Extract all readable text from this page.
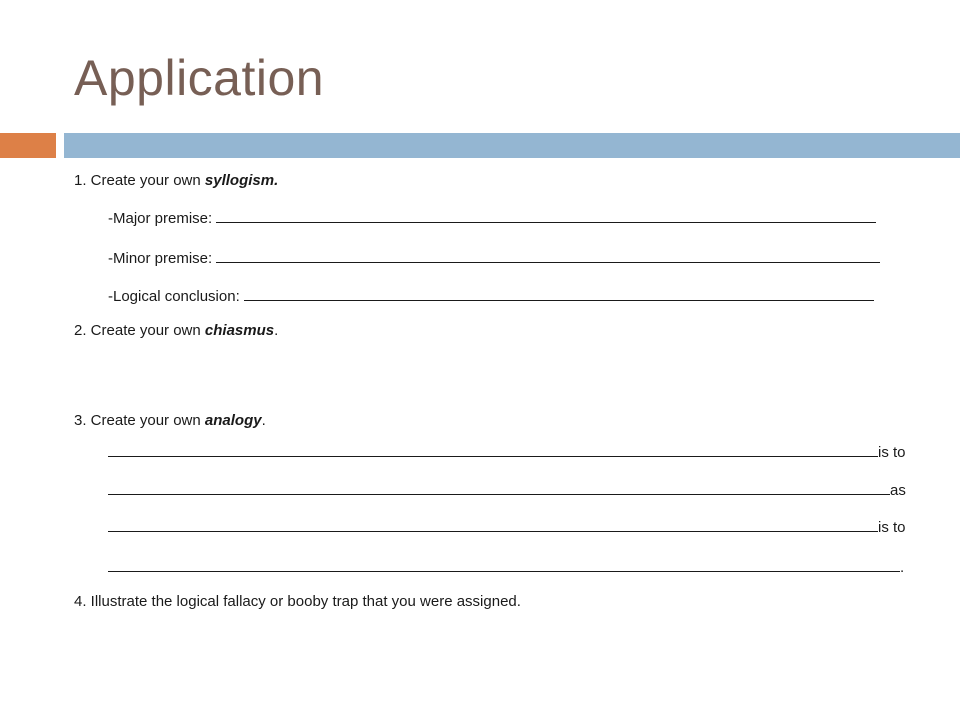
Application
1. Create your own syllogism.
-Major premise:
-Minor premise:
-Logical conclusion:
2. Create your own chiasmus.
3. Create your own analogy.
is to
as
is to
.
4. Illustrate the logical fallacy or booby trap that you were assigned.
